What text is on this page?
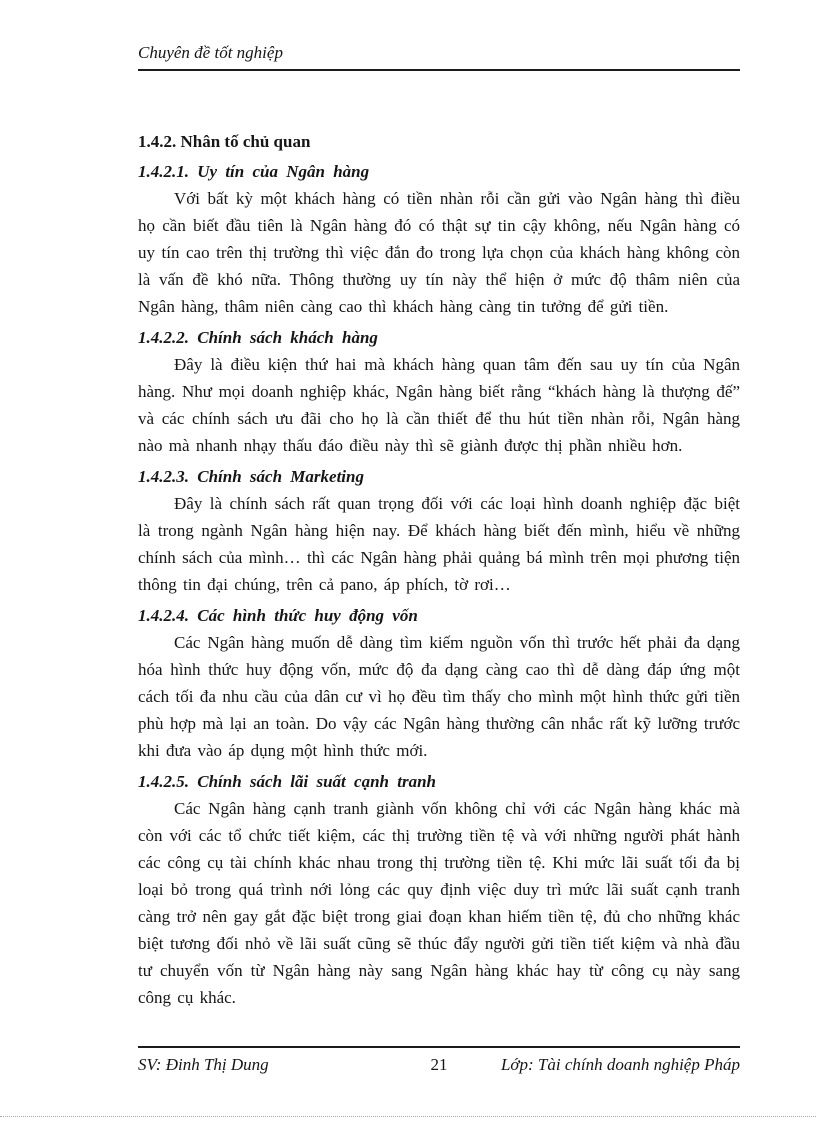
Chuyên đề tốt nghiệp
1.4.2. Nhân tố chủ quan
1.4.2.1. Uy tín của Ngân hàng

Với bất kỳ một khách hàng có tiền nhàn rỗi cần gửi vào Ngân hàng thì điều họ cần biết đầu tiên là Ngân hàng đó có thật sự tin cậy không, nếu Ngân hàng có uy tín cao trên thị trường thì việc đắn đo trong lựa chọn của khách hàng không còn là vấn đề khó nữa. Thông thường uy tín này thể hiện ở mức độ thâm niên của Ngân hàng, thâm niên càng cao thì khách hàng càng tin tưởng để gửi tiền.

1.4.2.2. Chính sách khách hàng

Đây là điều kiện thứ hai mà khách hàng quan tâm đến sau uy tín của Ngân hàng. Như mọi doanh nghiệp khác, Ngân hàng biết rằng “khách hàng là thượng đế” và các chính sách ưu đãi cho họ là cần thiết để thu hút tiền nhàn rỗi, Ngân hàng nào mà nhanh nhạy thấu đáo điều này thì sẽ giành được thị phần nhiều hơn.

1.4.2.3. Chính sách Marketing

Đây là chính sách rất quan trọng đối với các loại hình doanh nghiệp đặc biệt là trong ngành Ngân hàng hiện nay. Để khách hàng biết đến mình, hiểu về những chính sách của mình… thì các Ngân hàng phải quảng bá mình trên mọi phương tiện thông tin đại chúng, trên cả pano, áp phích, tờ rơi…

1.4.2.4. Các hình thức huy động vốn

Các Ngân hàng muốn dễ dàng tìm kiếm nguồn vốn thì trước hết phải đa dạng hóa hình thức huy động vốn, mức độ đa dạng càng cao thì dễ dàng đáp ứng một cách tối đa nhu cầu của dân cư vì họ đều tìm thấy cho mình một hình thức gửi tiền phù hợp mà lại an toàn. Do vậy các Ngân hàng thường cân nhắc rất kỹ lưỡng trước khi đưa vào áp dụng một hình thức mới.

1.4.2.5. Chính sách lãi suất cạnh tranh

Các Ngân hàng cạnh tranh giành vốn không chỉ với các Ngân hàng khác mà còn với các tổ chức tiết kiệm, các thị trường tiền tệ và với những người phát hành các công cụ tài chính khác nhau trong thị trường tiền tệ. Khi mức lãi suất tối đa bị loại bỏ trong quá trình nới lỏng các quy định việc duy trì mức lãi suất cạnh tranh càng trở nên gay gắt đặc biệt trong giai đoạn khan hiếm tiền tệ, đủ cho những khác biệt tương đối nhỏ về lãi suất cũng sẽ thúc đẩy người gửi tiền tiết kiệm và nhà đầu tư chuyển vốn từ Ngân hàng này sang Ngân hàng khác hay từ công cụ này sang công cụ khác.

SV: Đinh Thị Dung	21	Lớp: Tài chính doanh nghiệp Pháp
